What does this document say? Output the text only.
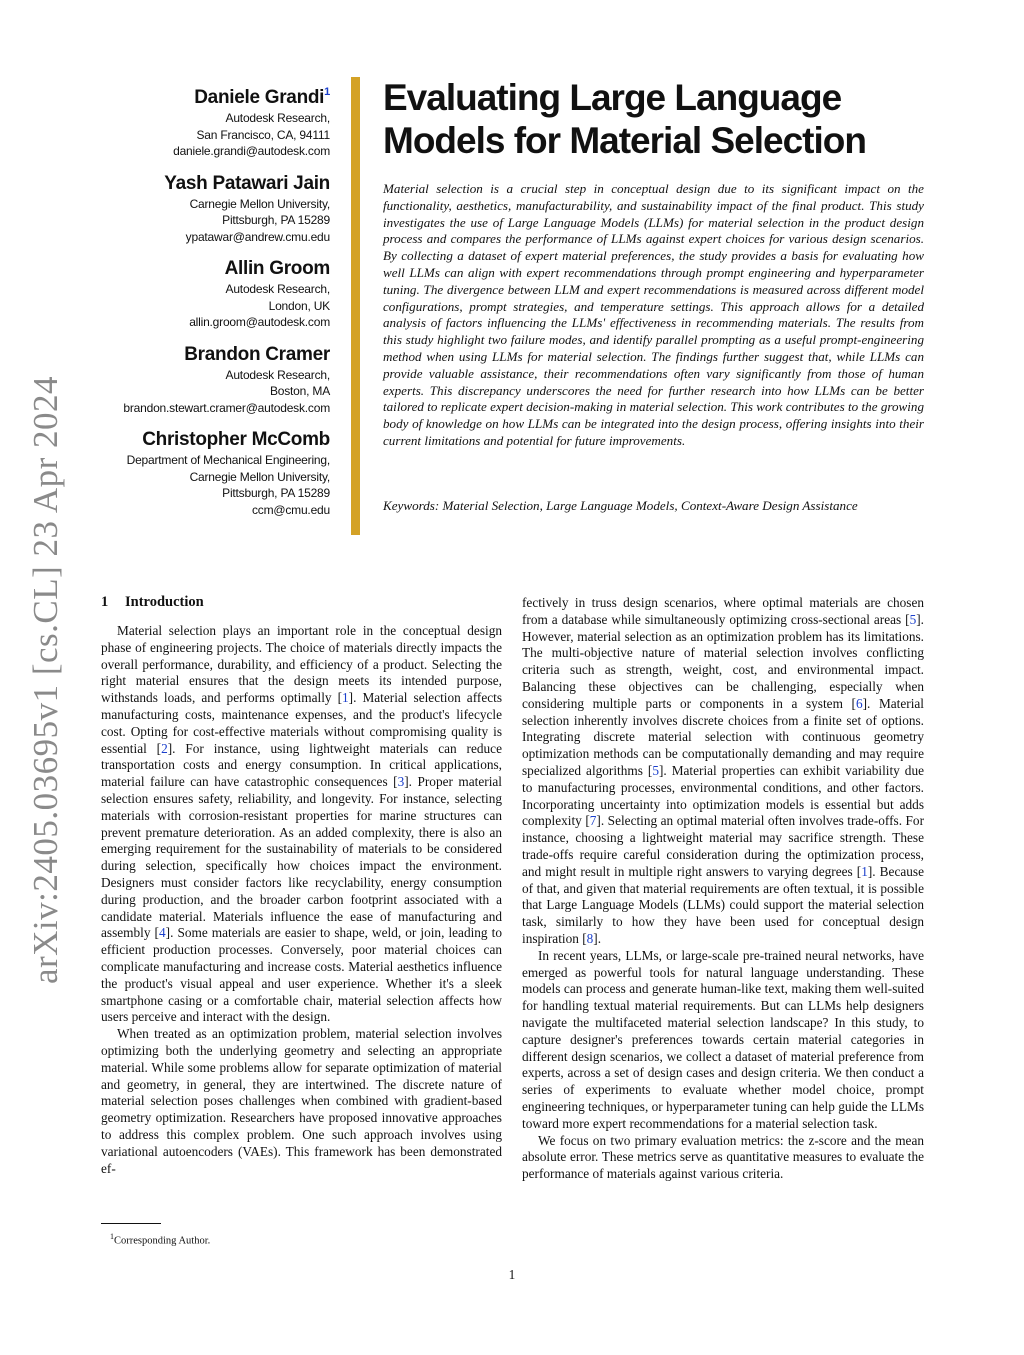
arXiv:2405.03695v1 [cs.CL] 23 Apr 2024
Daniele Grandi$^1$
Autodesk Research,
San Francisco, CA, 94111
daniele.grandi@autodesk.com
Yash Patawari Jain
Carnegie Mellon University,
Pittsburgh, PA 15289
ypatawar@andrew.cmu.edu
Allin Groom
Autodesk Research,
London, UK
allin.groom@autodesk.com
Brandon Cramer
Autodesk Research,
Boston, MA
brandon.stewart.cramer@autodesk.com
Christopher McComb
Department of Mechanical Engineering,
Carnegie Mellon University,
Pittsburgh, PA 15289
ccm@cmu.edu
Evaluating Large Language
Models for Material Selection

Material selection is a crucial step in conceptual design due to its significant impact on the functionality, aesthetics, manufacturability, and sustainability impact of the final product. This study investigates the use of Large Language Models (LLMs) for material selection in the product design process and compares the performance of LLMs against expert choices for various design scenarios. By collecting a dataset of expert material preferences, the study provides a basis for evaluating how well LLMs can align with expert recommendations through prompt engineering and hyperparameter tuning. The divergence between LLM and expert recommendations is measured across different model configurations, prompt strategies, and temperature settings. This approach allows for a detailed analysis of factors influencing the LLMs' effectiveness in recommending materials. The results from this study highlight two failure modes, and identify parallel prompting as a useful prompt-engineering method when using LLMs for material selection. The findings further suggest that, while LLMs can provide valuable assistance, their recommendations often vary significantly from those of human experts. This discrepancy underscores the need for further research into how LLMs can be better tailored to replicate expert decision-making in material selection. This work contributes to the growing body of knowledge on how LLMs can be integrated into the design process, offering insights into their current limitations and potential for future improvements.

Keywords: Material Selection, Large Language Models, Context-Aware Design Assistance

1 Introduction

Material selection plays an important role in the conceptual design phase of engineering projects. The choice of materials directly impacts the overall performance, durability, and efficiency of a product. Selecting the right material ensures that the design meets its intended purpose, withstands loads, and performs optimally [1]. Material selection affects manufacturing costs, maintenance expenses, and the product's lifecycle cost. Opting for cost-effective materials without compromising quality is essential [2]. For instance, using lightweight materials can reduce transportation costs and energy consumption. In critical applications, material failure can have catastrophic consequences [3]. Proper material selection ensures safety, reliability, and longevity. For instance, selecting materials with corrosion-resistant properties for marine structures can prevent premature deterioration. As an added complexity, there is also an emerging requirement for the sustainability of materials to be considered during selection, specifically how choices impact the environment. Designers must consider factors like recyclability, energy consumption during production, and the broader carbon footprint associated with a candidate material. Materials influence the ease of manufacturing and assembly [4]. Some materials are easier to shape, weld, or join, leading to efficient production processes. Conversely, poor material choices can complicate manufacturing and increase costs. Material aesthetics influence the product's visual appeal and user experience. Whether it's a sleek smartphone casing or a comfortable chair, material selection affects how users perceive and interact with the design.

When treated as an optimization problem, material selection involves optimizing both the underlying geometry and selecting an appropriate material. While some problems allow for separate optimization of material and geometry, in general, they are intertwined. The discrete nature of material selection poses challenges when combined with gradient-based geometry optimization. Researchers have proposed innovative approaches to address this complex problem. One such approach involves using variational autoencoders (VAEs). This framework has been demonstrated ef-

fectively in truss design scenarios, where optimal materials are chosen from a database while simultaneously optimizing cross-sectional areas [5]. However, material selection as an optimization problem has its limitations. The multi-objective nature of material selection involves conflicting criteria such as strength, weight, cost, and environmental impact. Balancing these objectives can be challenging, especially when considering multiple parts or components in a system [6]. Material selection inherently involves discrete choices from a finite set of options. Integrating discrete material selection with continuous geometry optimization methods can be computationally demanding and may require specialized algorithms [5]. Material properties can exhibit variability due to manufacturing processes, environmental conditions, and other factors. Incorporating uncertainty into optimization models is essential but adds complexity [7]. Selecting an optimal material often involves trade-offs. For instance, choosing a lightweight material may sacrifice strength. These trade-offs require careful consideration during the optimization process, and might result in multiple right answers to varying degrees [1]. Because of that, and given that material requirements are often textual, it is possible that Large Language Models (LLMs) could support the material selection task, similarly to how they have been used for conceptual design inspiration [8].

In recent years, LLMs, or large-scale pre-trained neural networks, have emerged as powerful tools for natural language understanding. These models can process and generate human-like text, making them well-suited for handling textual material requirements. But can LLMs help designers navigate the multifaceted material selection landscape? In this study, to capture designer's preferences towards certain material categories in different design scenarios, we collect a dataset of material preference from experts, across a set of design cases and design criteria. We then conduct a series of experiments to evaluate whether model choice, prompt engineering techniques, or hyperparameter tuning can help guide the LLMs toward more expert recommendations for a material selection task.

We focus on two primary evaluation metrics: the z-score and the mean absolute error. These metrics serve as quantitative measures to evaluate the performance of materials against various criteria.

$^1$Corresponding Author.
1
